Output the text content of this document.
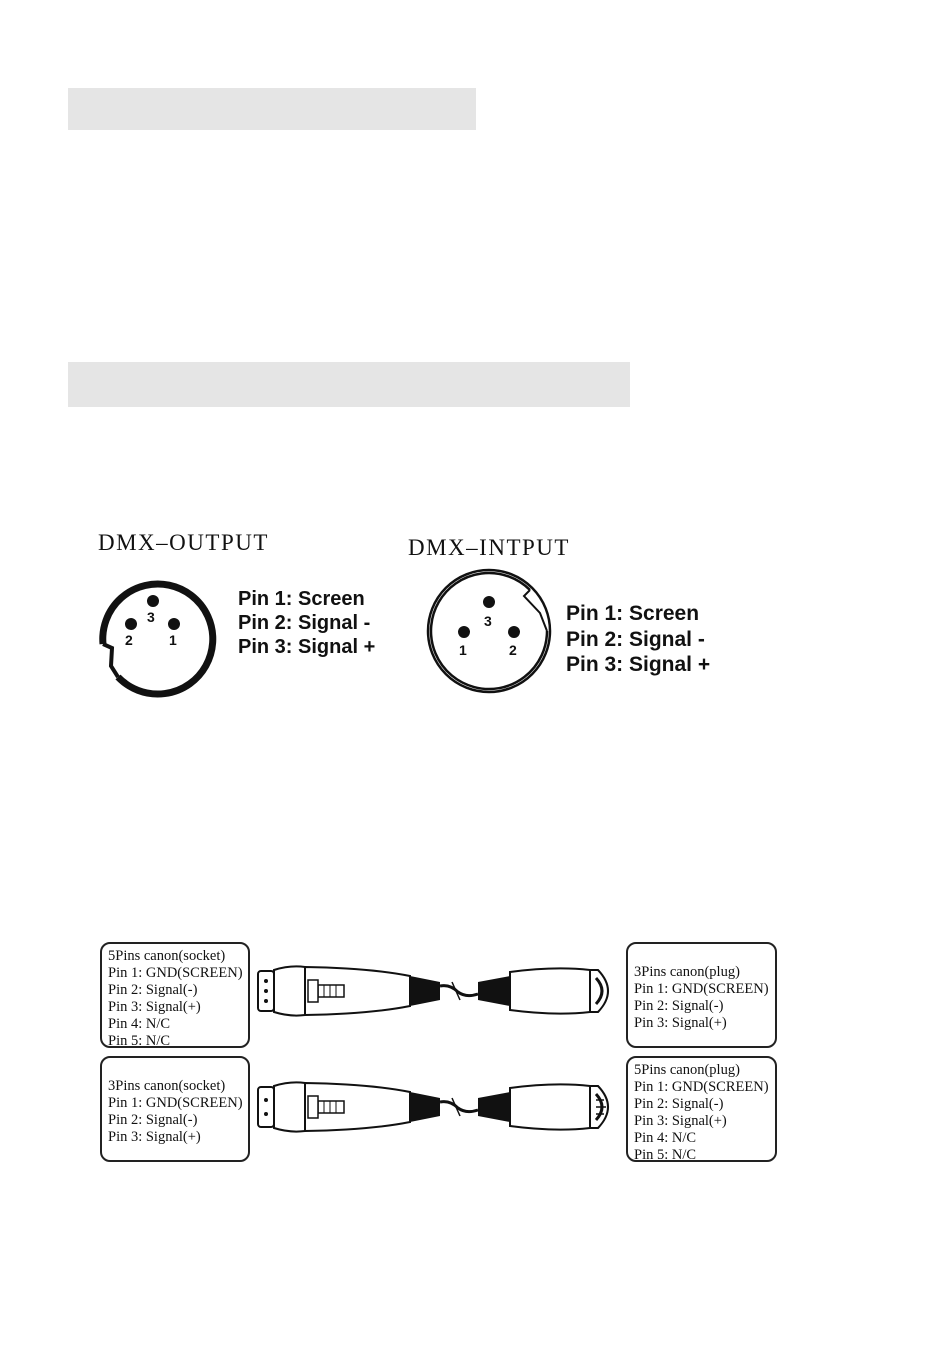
DMX–OUTPUT	DMX–INTPUT
3
2	1
3
1	2
Pin 1: Screen
Pin 2: Signal -
Pin 3: Signal +
Pin 1: Screen
Pin 2: Signal -
Pin 3: Signal +
5Pins canon(socket)
Pin 1: GND(SCREEN)
Pin 2: Signal(-)
Pin 3: Signal(+)
Pin 4: N/C
Pin 5: N/C
3Pins canon(plug)
Pin 1: GND(SCREEN)
Pin 2: Signal(-)
Pin 3: Signal(+)
3Pins canon(socket)
Pin 1: GND(SCREEN)
Pin 2: Signal(-)
Pin 3: Signal(+)
5Pins canon(plug)
Pin 1: GND(SCREEN)
Pin 2: Signal(-)
Pin 3: Signal(+)
Pin 4: N/C
Pin 5: N/C
